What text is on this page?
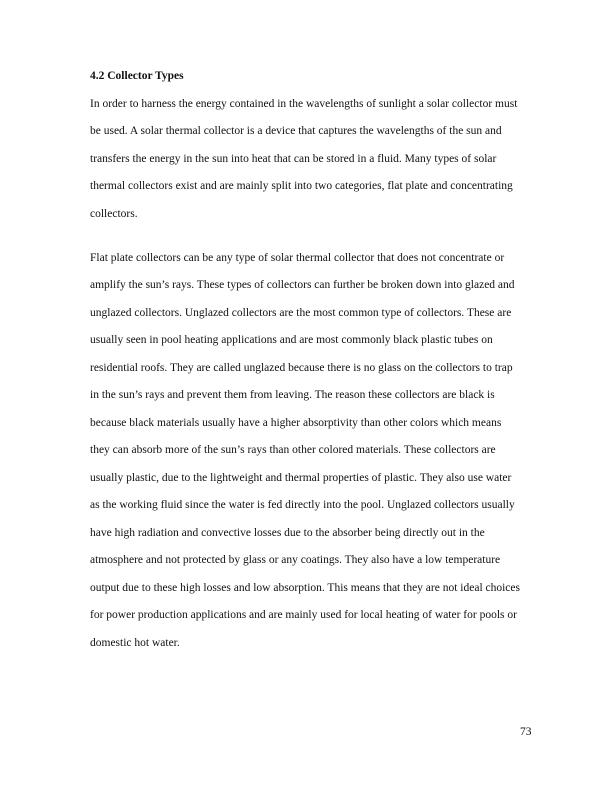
4.2 Collector Types

In order to harness the energy contained in the wavelengths of sunlight a solar collector must
be used. A solar thermal collector is a device that captures the wavelengths of the sun and
transfers the energy in the sun into heat that can be stored in a fluid. Many types of solar
thermal collectors exist and are mainly split into two categories, flat plate and concentrating
collectors.

Flat plate collectors can be any type of solar thermal collector that does not concentrate or
amplify the sun’s rays. These types of collectors can further be broken down into glazed and
unglazed collectors. Unglazed collectors are the most common type of collectors. These are
usually seen in pool heating applications and are most commonly black plastic tubes on
residential roofs. They are called unglazed because there is no glass on the collectors to trap
in the sun’s rays and prevent them from leaving. The reason these collectors are black is
because black materials usually have a higher absorptivity than other colors which means
they can absorb more of the sun’s rays than other colored materials. These collectors are
usually plastic, due to the lightweight and thermal properties of plastic. They also use water
as the working fluid since the water is fed directly into the pool. Unglazed collectors usually
have high radiation and convective losses due to the absorber being directly out in the
atmosphere and not protected by glass or any coatings. They also have a low temperature
output due to these high losses and low absorption. This means that they are not ideal choices
for power production applications and are mainly used for local heating of water for pools or
domestic hot water.

73
